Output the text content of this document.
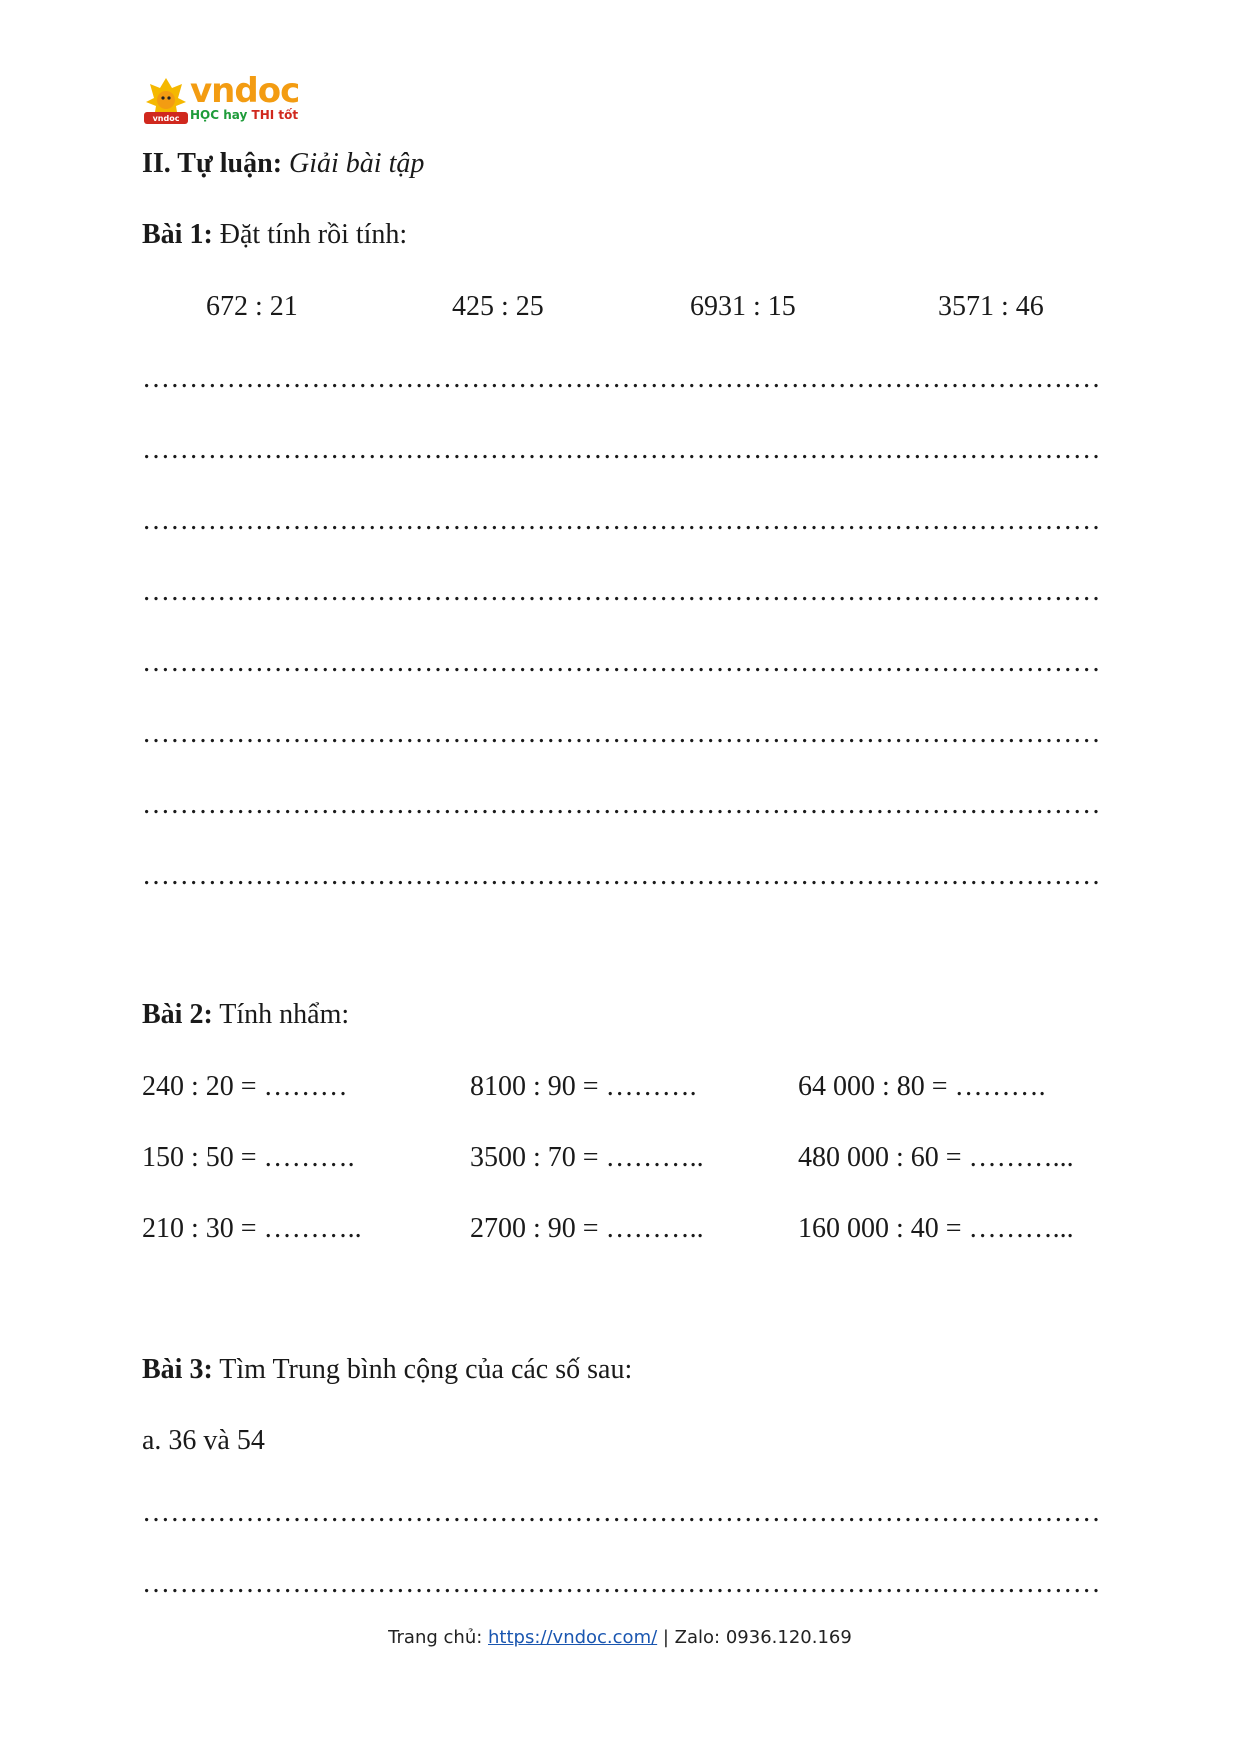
vndoc
vndoc
HỌC hay THI tốt
II. Tự luận: Giải bài tập
Bài 1: Đặt tính rồi tính:
672 : 21	425 : 25	6931 : 15	3571 : 46
…………………………………………………………………………………………
…………………………………………………………………………………………
…………………………………………………………………………………………
…………………………………………………………………………………………
…………………………………………………………………………………………
…………………………………………………………………………………………
…………………………………………………………………………………………
…………………………………………………………………………………………
Bài 2: Tính nhẩm:
240 : 20 = ………	8100 : 90 = ……….	64 000 : 80 = ……….
150 : 50 = ……….	3500 : 70 = ………..	480 000 : 60 = ………...
210 : 30 = ………..	2700 : 90 = ………..	160 000 : 40 = ………...
Bài 3: Tìm Trung bình cộng của các số sau:
a. 36 và 54
…………………………………………………………………………………………
…………………………………………………………………………………………
Trang chủ: https://vndoc.com/ | Zalo: 0936.120.169
